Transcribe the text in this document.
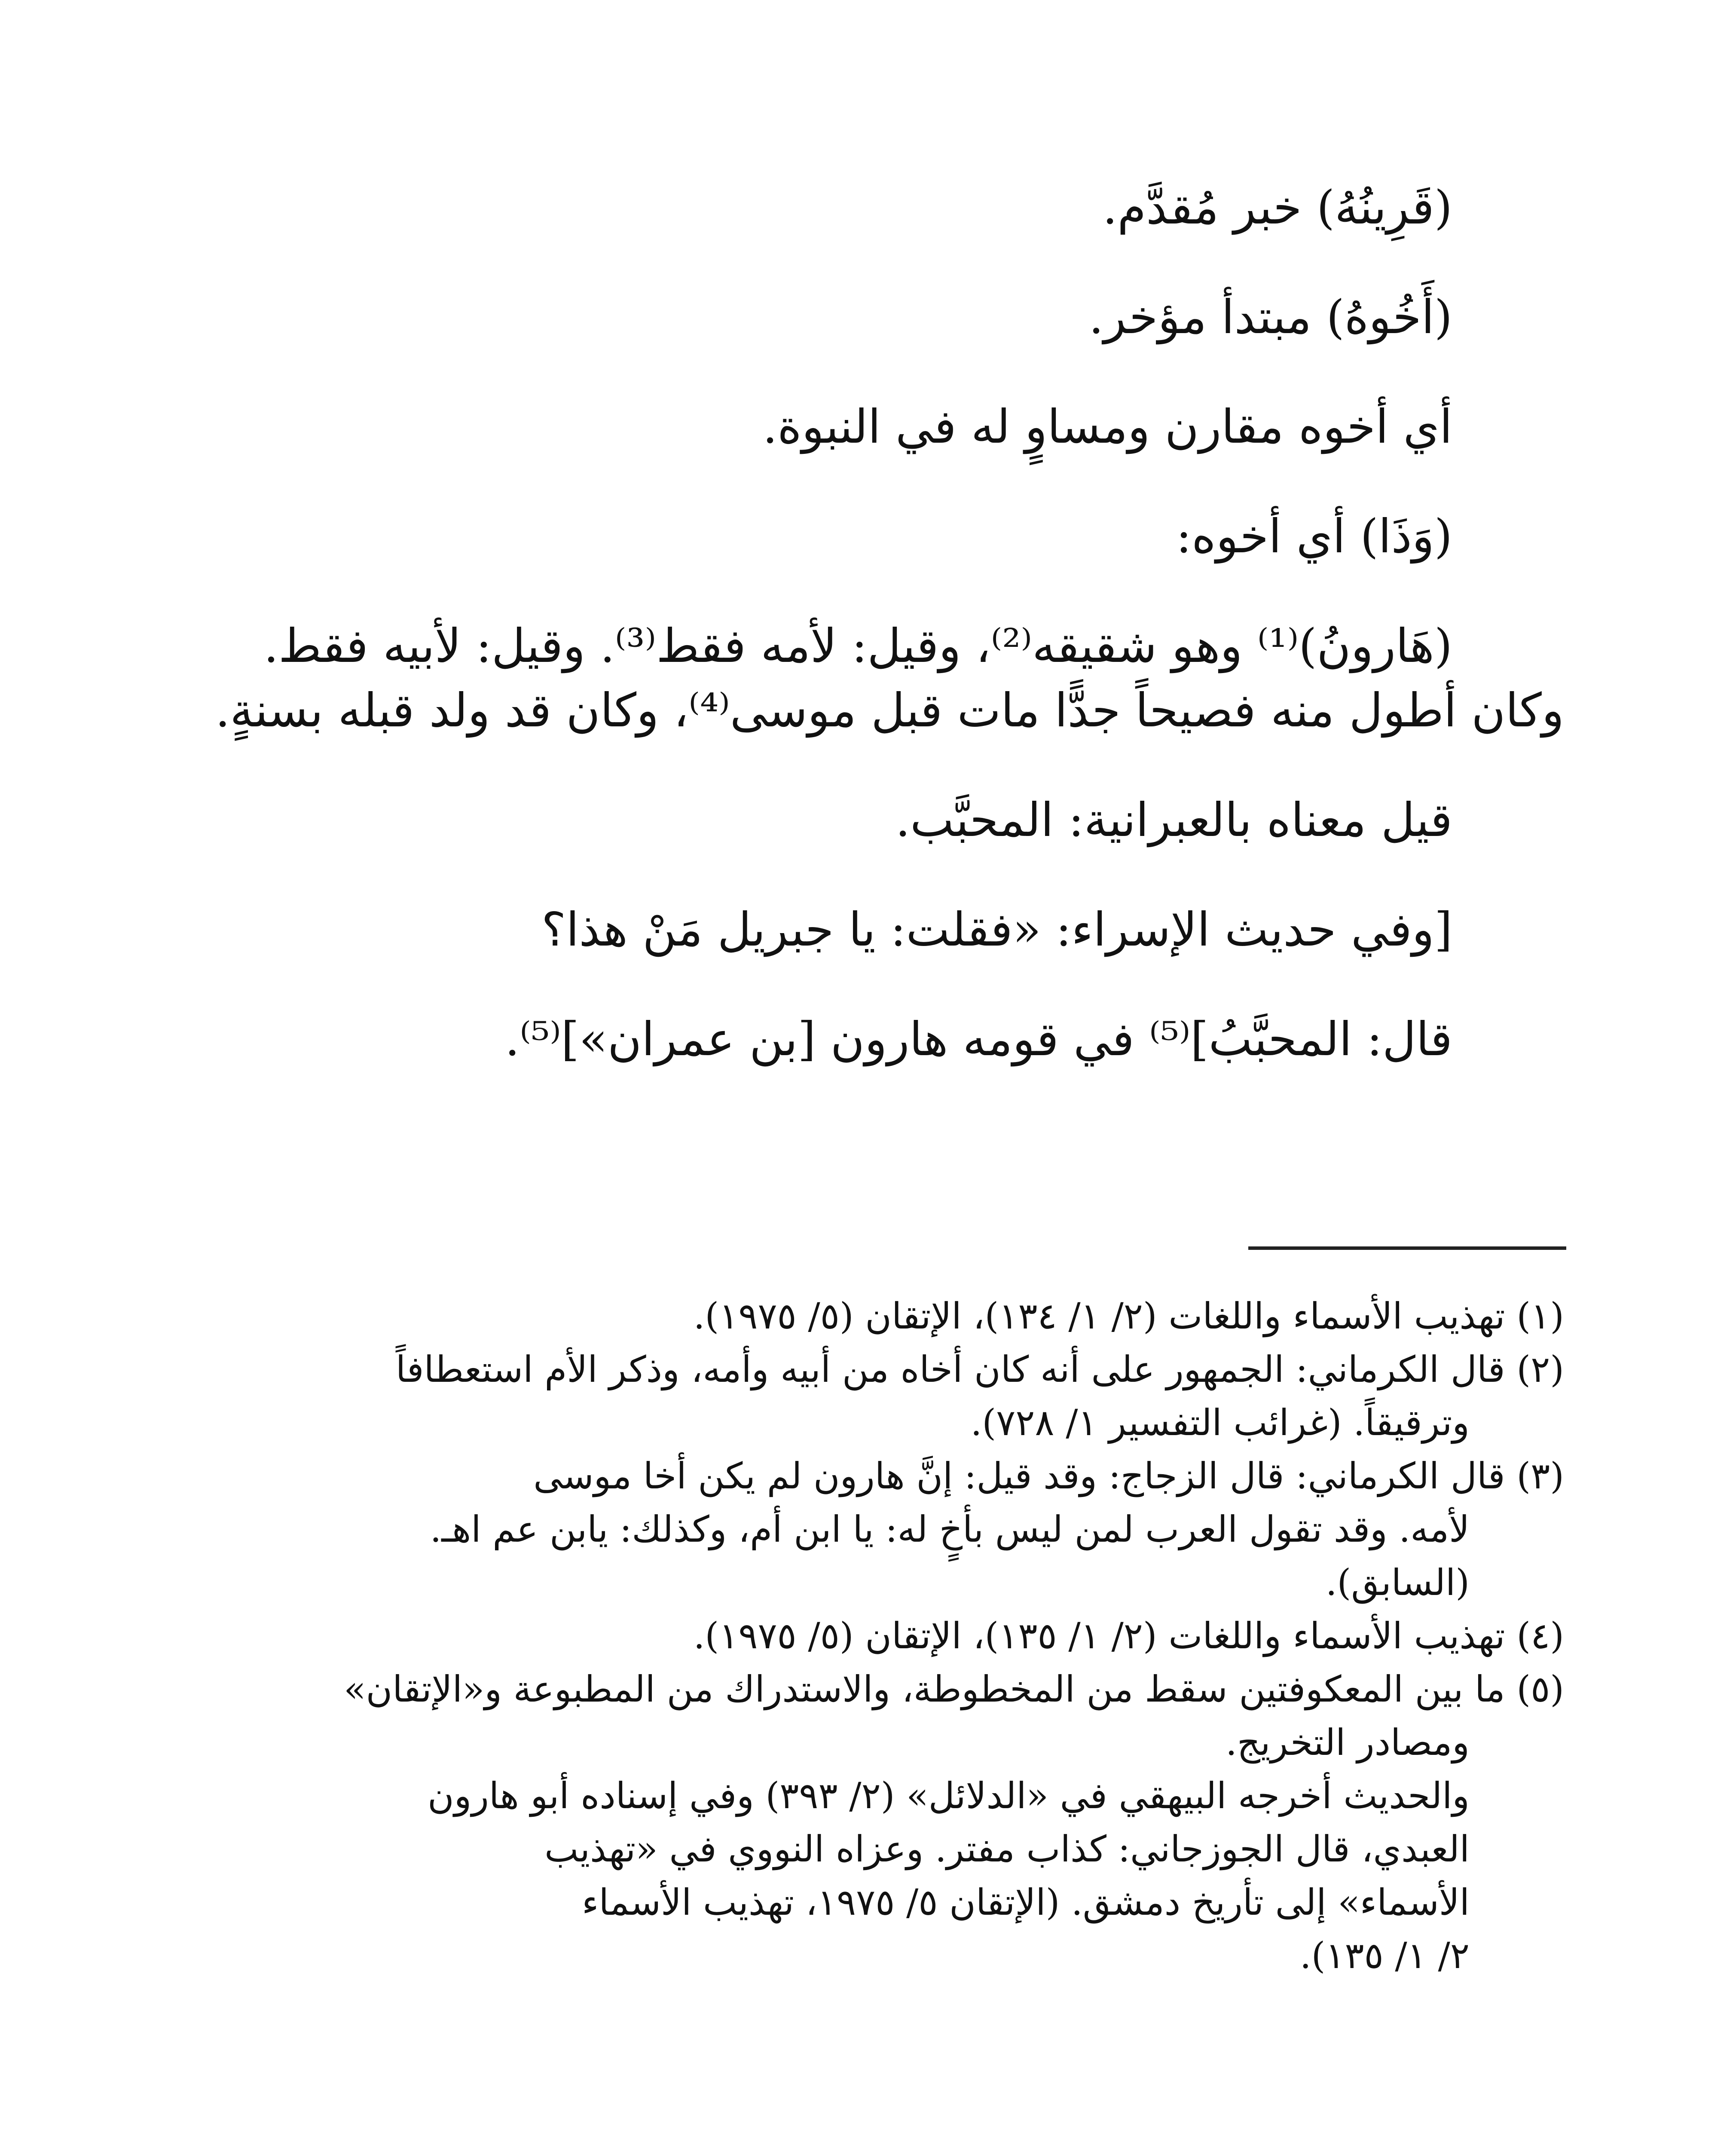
(قَرِينُهُ) خبر مُقدَّم.
(أَخُوهُ) مبتدأ مؤخر.
أي أخوه مقارن ومساوٍ له في النبوة.
(وَذَا) أي أخوه:
(هَارونُ)⁽¹⁾ وهو شقيقه⁽²⁾، وقيل: لأمه فقط⁽³⁾. وقيل: لأبيه فقط.
وكان أطول منه فصيحاً جدًّا مات قبل موسى⁽⁴⁾، وكان قد ولد قبله بسنةٍ.
قيل معناه بالعبرانية: المحبَّب.
[وفي حديث الإسراء: «فقلت: يا جبريل مَنْ هذا؟
قال: المحبَّبُ]⁽⁵⁾ في قومه هارون [بن عمران»]⁽⁵⁾.
(١) تهذيب الأسماء واللغات (٢/ ١/ ١٣٤)، الإتقان (٥/ ١٩٧٥).
(٢) قال الكرماني: الجمهور على أنه كان أخاه من أبيه وأمه، وذكر الأم استعطافاً
وترقيقاً. (غرائب التفسير ١/ ٧٢٨).
(٣) قال الكرماني: قال الزجاج: وقد قيل: إنَّ هارون لم يكن أخا موسى
لأمه. وقد تقول العرب لمن ليس بأخٍ له: يا ابن أم، وكذلك: يابن عم اهـ.
(السابق).
(٤) تهذيب الأسماء واللغات (٢/ ١/ ١٣٥)، الإتقان (٥/ ١٩٧٥).
(٥) ما بين المعكوفتين سقط من المخطوطة، والاستدراك من المطبوعة و«الإتقان»
ومصادر التخريج.
والحديث أخرجه البيهقي في «الدلائل» (٢/ ٣٩٣) وفي إسناده أبو هارون
العبدي، قال الجوزجاني: كذاب مفتر. وعزاه النووي في «تهذيب
الأسماء» إلى تأريخ دمشق. (الإتقان ٥/ ١٩٧٥، تهذيب الأسماء
٢/ ١/ ١٣٥).
